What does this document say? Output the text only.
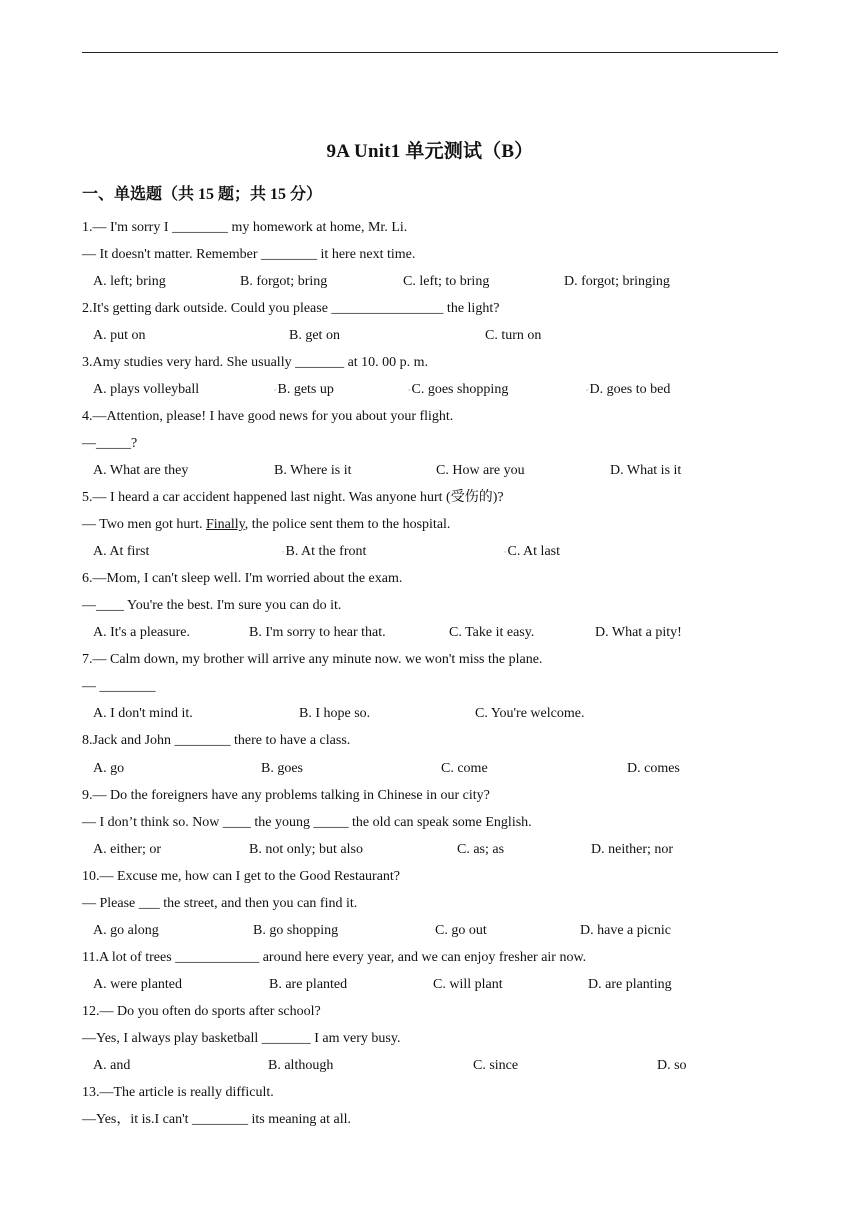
9A Unit1 单元测试（B）
一、单选题（共 15 题；共 15 分）
1.— I'm sorry I ________ my homework at home, Mr. Li.
— It doesn't matter. Remember ________ it here next time.
A. left; bring	B. forgot; bring	C. left; to bring	D. forgot; bringing
2.It's getting dark outside. Could you please ________________ the light?
A. put on	B. get on	C. turn on
3.Amy studies very hard. She usually _______ at 10. 00 p. m.
A. plays volleyball	◦B. gets up	◦C. goes shopping	◦D. goes to bed
4.—Attention, please! I have good news for you about your flight.
—_____?
A. What are they	B. Where is it	C. How are you	D. What is it
5.— I heard a car accident happened last night. Was anyone hurt (受伤的)?
— Two men got hurt. Finally, the police sent them to the hospital.
A. At first	◦B. At the front	◦C. At last
6.—Mom, I can't sleep well. I'm worried about the exam.
—____ You're the best. I'm sure you can do it.
A. It's a pleasure.	B. I'm sorry to hear that.	C. Take it easy.	D. What a pity!
7.— Calm down, my brother will arrive any minute now. we won't miss the plane.
— ________
A. I don't mind it.	B. I hope so.	C. You're welcome.
8.Jack and John ________ there to have a class.
A. go	B. goes	C. come	D. comes
9.— Do the foreigners have any problems talking in Chinese in our city?
— I don’t think so. Now ____ the young _____ the old can speak some English.
A. either; or	B. not only; but also	C. as; as	D. neither; nor
10.— Excuse me, how can I get to the Good Restaurant?
— Please ___ the street, and then you can find it.
A. go along	B. go shopping	C. go out	D. have a picnic
11.A lot of trees ____________ around here every year, and we can enjoy fresher air now.
A. were planted	B. are planted	C. will plant	D. are planting
12.— Do you often do sports after school?
—Yes, I always play basketball _______ I am very busy.
A. and	B. although	C. since	D. so
13.—The article is really difficult.
—Yes，it is.I can't ________ its meaning at all.
